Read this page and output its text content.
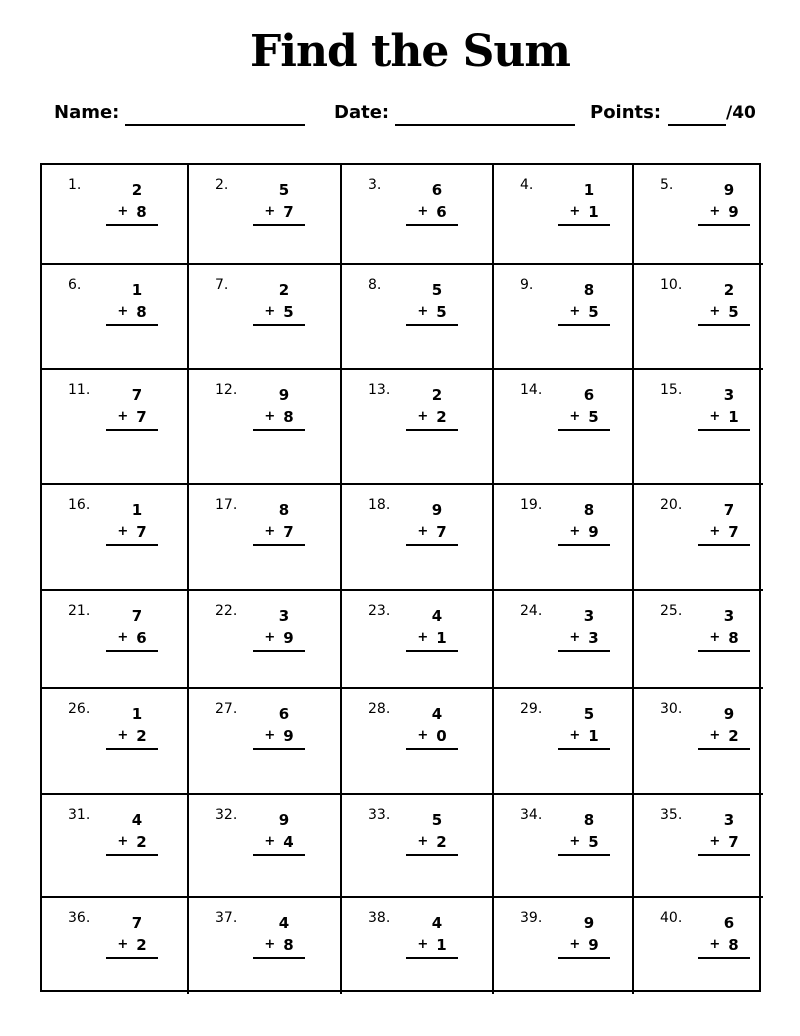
Find the Sum
Name:	Date:	Points:	/40
1.	2
+ 8
2.	5
+ 7
3.	6
+ 6
4.	1
+ 1
5.	9
+ 9
6.	1
+ 8
7.	2
+ 5
8.	5
+ 5
9.	8
+ 5
10.	2
+ 5
11.	7
+ 7
12.	9
+ 8
13.	2
+ 2
14.	6
+ 5
15.	3
+ 1
16.	1
+ 7
17.	8
+ 7
18.	9
+ 7
19.	8
+ 9
20.	7
+ 7
21.	7
+ 6
22.	3
+ 9
23.	4
+ 1
24.	3
+ 3
25.	3
+ 8
26.	1
+ 2
27.	6
+ 9
28.	4
+ 0
29.	5
+ 1
30.	9
+ 2
31.	4
+ 2
32.	9
+ 4
33.	5
+ 2
34.	8
+ 5
35.	3
+ 7
36.	7
+ 2
37.	4
+ 8
38.	4
+ 1
39.	9
+ 9
40.	6
+ 8
